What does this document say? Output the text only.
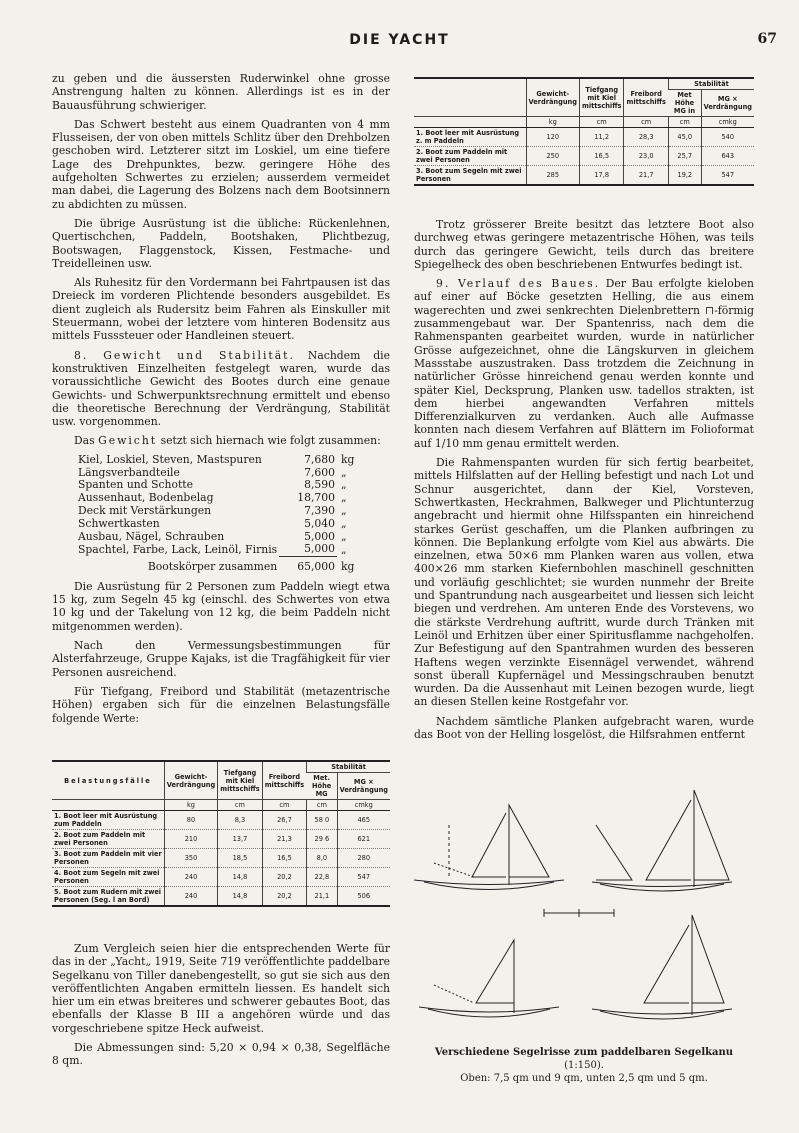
DIE YACHT	67

zu geben und die äussersten Ruderwinkel ohne grosse Anstrengung halten zu können. Allerdings ist es in der Bauausführung schwieriger.

Das Schwert besteht aus einem Quadranten von 4 mm Flusseisen, der von oben mittels Schlitz über den Drehbolzen geschoben wird. Letzterer sitzt im Loskiel, um eine tiefere Lage des Drehpunktes, bezw. geringere Höhe des aufgeholten Schwertes zu erzielen; ausserdem vermeidet man dabei, die Lagerung des Bolzens nach dem Bootsinnern zu abdichten zu müssen.

Die übrige Ausrüstung ist die übliche: Rückenlehnen, Quertischchen, Paddeln, Bootshaken, Plichtbezug, Bootswagen, Flaggenstock, Kissen, Festmache- und Treidelleinen usw.

Als Ruhesitz für den Vordermann bei Fahrtpausen ist das Dreieck im vorderen Plichtende besonders ausgebildet. Es dient zugleich als Rudersitz beim Fahren als Einskuller mit Steuermann, wobei der letztere vom hinteren Bodensitz aus mittels Fusssteuer oder Handleinen steuert.

8. Gewicht und Stabilität. Nachdem die konstruktiven Einzelheiten festgelegt waren, wurde das voraussichtliche Gewicht des Bootes durch eine genaue Gewichts- und Schwerpunktsrechnung ermittelt und ebenso die theoretische Berechnung der Verdrängung, Stabilität usw. vorgenommen.

Das Gewicht setzt sich hiernach wie folgt zusammen:

Kiel, Loskiel, Steven, Mastspuren	7,680	kg
Längsverbandteile	7,600	„
Spanten und Schotte	8,590	„
Aussenhaut, Bodenbelag	18,700	„
Deck mit Verstärkungen	7,390	„
Schwertkasten	5,040	„
Ausbau, Nägel, Schrauben	5,000	„
Spachtel, Farbe, Lack, Leinöl, Firnis	5,000	„
Bootskörper zusammen	65,000	kg

Die Ausrüstung für 2 Personen zum Paddeln wiegt etwa 15 kg, zum Segeln 45 kg (einschl. des Schwertes von etwa 10 kg und der Takelung von 12 kg, die beim Paddeln nicht mitgenommen werden).

Nach den Vermessungsbestimmungen für Alsterfahrzeuge, Gruppe Kajaks, ist die Tragfähigkeit für vier Personen ausreichend.

Für Tiefgang, Freibord und Stabilität (metazentrische Höhen) ergaben sich für die einzelnen Belastungsfälle folgende Werte:

Belastungsfälle	Gewicht-Verdrängung	Tiefgang mit Kiel mittschiffs	Freibord mittschiffs	Stabilität	
				Met. Höhe MG	MG × Verdrängung
	kg	cm	cm	cm	cmkg
1. Boot leer mit Ausrüstung zum Paddeln	80	8,3	26,7	58 0	465
2. Boot zum Paddeln mit zwei Personen	210	13,7	21,3	29 6	621
3. Boot zum Paddeln mit vier Personen	350	18,5	16,5	8,0	280
4. Boot zum Segeln mit zwei Personen	240	14,8	20,2	22,8	547
5. Boot zum Rudern mit zwei Personen (Seg. l an Bord)	240	14,8	20,2	21,1	506

Zum Vergleich seien hier die entsprechenden Werte für das in der „Yacht„ 1919, Seite 719 veröffentlichte paddelbare Segelkanu von Tiller danebengestellt, so gut sie sich aus den veröffentlichten Angaben ermitteln liessen. Es handelt sich hier um ein etwas breiteres und schwerer gebautes Boot, das ebenfalls der Klasse B III a angehören würde und das vorgeschriebene spitze Heck aufweist.

Die Abmessungen sind: 5,20 × 0,94 × 0,38, Segelfläche 8 qm.

	Gewicht-Verdrängung	Tiefgang mit Kiel mittschiffs	Freibord mittschiffs	Stabilität	
				Met Höhe MG in	MG × Verdrängung
	kg	cm	cm	cm	cmkg
1. Boot leer mit Ausrüstung z. m Paddeln	120	11,2	28,3	45,0	540
2. Boot zum Paddeln mit zwei Personen	250	16,5	23,0	25,7	643
3. Boot zum Segeln mit zwei Personen	285	17,8	21,7	19,2	547

Trotz grösserer Breite besitzt das letztere Boot also durchweg etwas geringere metazentrische Höhen, was teils durch das geringere Gewicht, teils durch das breitere Spiegelheck des oben beschriebenen Entwurfes bedingt ist.

9. Verlauf des Baues. Der Bau erfolgte kieloben auf einer auf Böcke gesetzten Helling, die aus einem wagerechten und zwei senkrechten Dielenbrettern ⊓-förmig zusammengebaut war. Der Spantenriss, nach dem die Rahmenspanten gearbeitet wurden, wurde in natürlicher Grösse aufgezeichnet, ohne die Längskurven in gleichem Massstabe auszustraken. Dass trotzdem die Zeichnung in natürlicher Grösse hinreichend genau werden konnte und später Kiel, Decksprung, Planken usw. tadellos strakten, ist dem hierbei angewandten Verfahren mittels Differenzialkurven zu verdanken. Auch alle Aufmasse konnten nach diesem Verfahren auf Blättern im Folioformat auf 1/10 mm genau ermittelt werden.

Die Rahmenspanten wurden für sich fertig bearbeitet, mittels Hilfslatten auf der Helling befestigt und nach Lot und Schnur ausgerichtet, dann der Kiel, Vorsteven, Schwertkasten, Heckrahmen, Balkweger und Plichtunterzug angebracht und hiermit ohne Hilfsspanten ein hinreichend starkes Gerüst geschaffen, um die Planken aufbringen zu können. Die Beplankung erfolgte vom Kiel aus abwärts. Die einzelnen, etwa 50×6 mm Planken waren aus vollen, etwa 400×26 mm starken Kiefernbohlen maschinell geschnitten und vorläufig geschlichtet; sie wurden nunmehr der Breite und Spantrundung nach ausgearbeitet und liessen sich leicht biegen und verdrehen. Am unteren Ende des Vorstevens, wo die stärkste Verdrehung auftritt, wurde durch Tränken mit Leinöl und Erhitzen über einer Spiritusflamme nachgeholfen. Zur Befestigung auf den Spantrahmen wurden des besseren Haftens wegen verzinkte Eisennägel verwendet, während sonst überall Kupfernägel und Messingschrauben benutzt wurden. Da die Aussenhaut mit Leinen bezogen wurde, liegt an diesen Stellen keine Rostgefahr vor.

Nachdem sämtliche Planken aufgebracht waren, wurde das Boot von der Helling losgelöst, die Hilfsrahmen entfernt

Verschiedene Segelrisse zum paddelbaren Segelkanu (1:150).
Oben: 7,5 qm und 9 qm, unten 2,5 qm und 5 qm.
